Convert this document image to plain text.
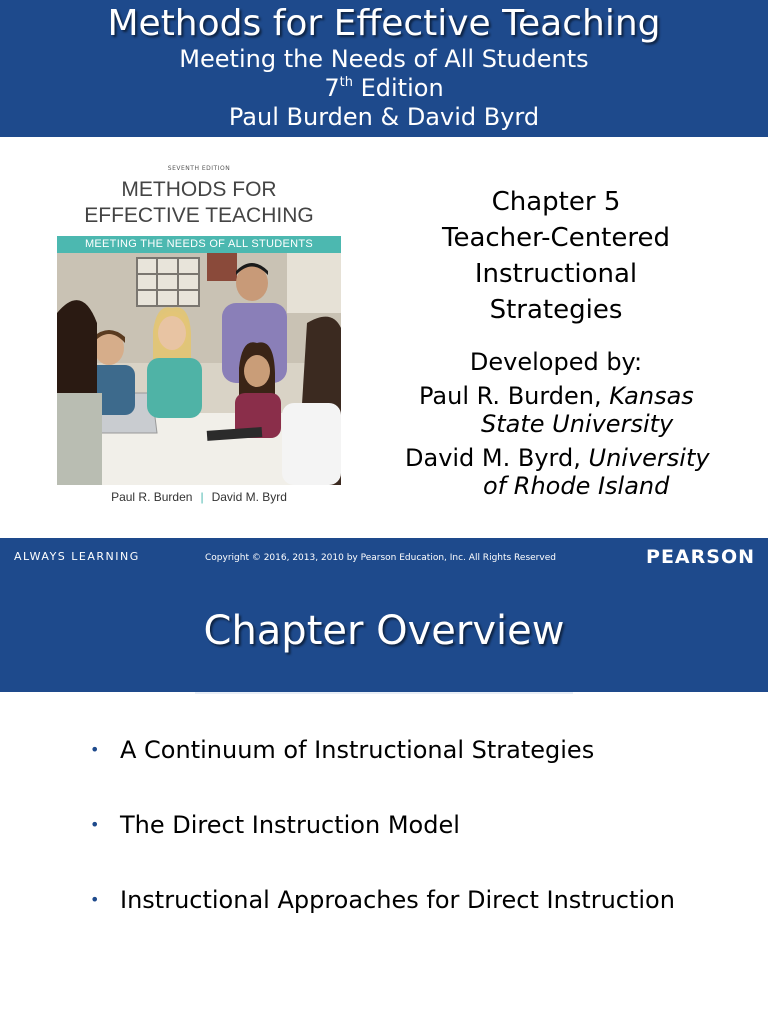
Methods for Effective Teaching
Meeting the Needs of All Students
7th Edition
Paul Burden & David Byrd
SEVENTH EDITION
METHODS FOR
EFFECTIVE TEACHING
MEETING THE NEEDS OF ALL STUDENTS
Paul R. Burden | David M. Byrd
Chapter 5
Teacher-Centered
Instructional
Strategies
Developed by:
Paul R. Burden, Kansas
State University
David M. Byrd, University
of Rhode Island
ALWAYS LEARNING	Copyright © 2016, 2013, 2010 by Pearson Education, Inc. All Rights Reserved	PEARSON
Chapter Overview
• A Continuum of Instructional Strategies
• The Direct Instruction Model
• Instructional Approaches for Direct Instruction
